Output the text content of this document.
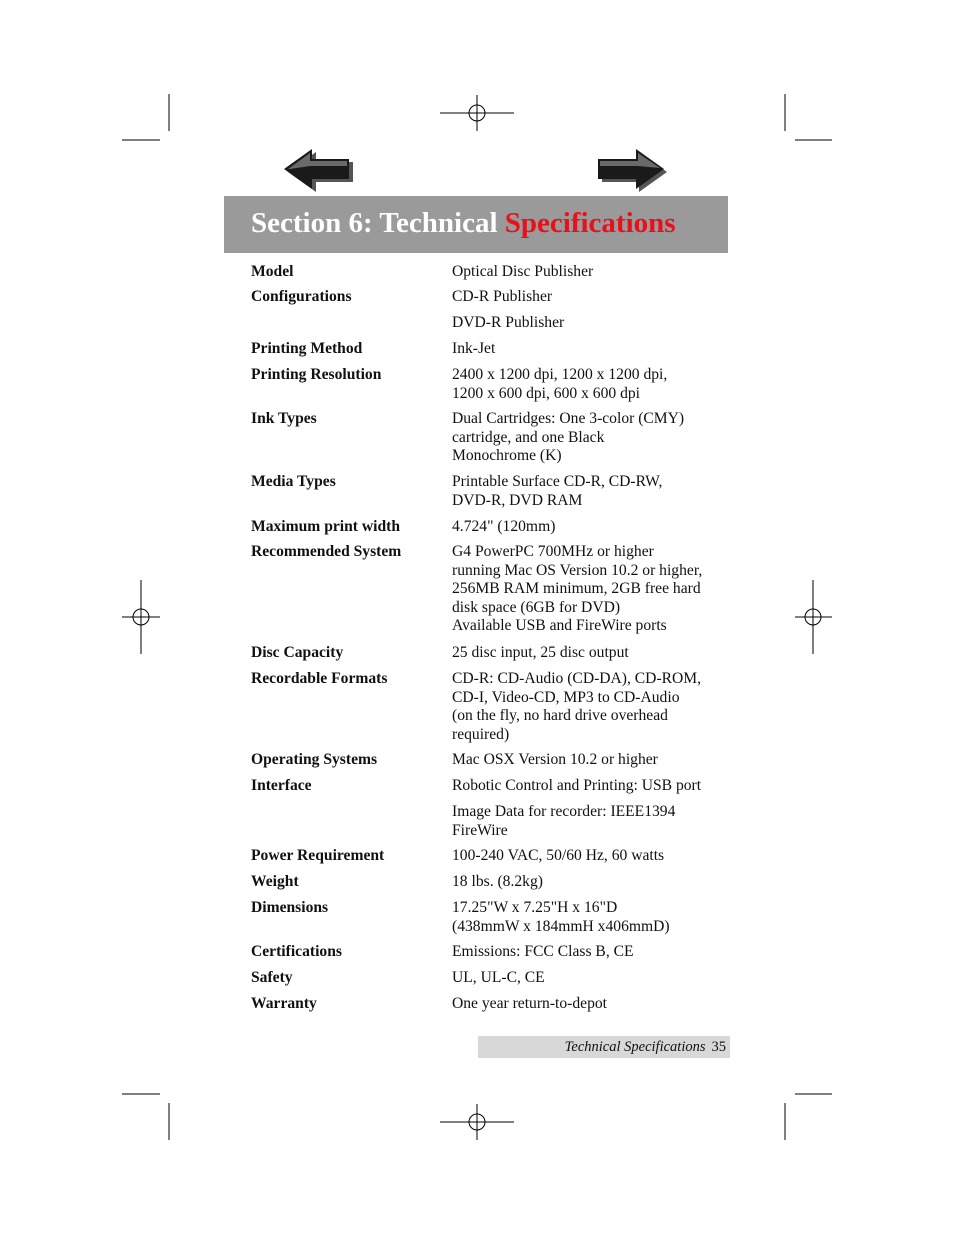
Section 6: Technical Specifications
Model	Optical Disc Publisher
Configurations	CD-R Publisher
DVD-R Publisher
Printing Method	Ink-Jet
Printing Resolution	2400 x 1200 dpi, 1200 x 1200 dpi,
1200 x 600 dpi, 600 x 600 dpi
Ink Types	Dual Cartridges: One 3-color (CMY)
cartridge, and one Black
Monochrome (K)
Media Types	Printable Surface CD-R, CD-RW,
DVD-R, DVD RAM
Maximum print width	4.724" (120mm)
Recommended System	G4 PowerPC 700MHz or higher
running Mac OS Version 10.2 or higher,
256MB RAM minimum, 2GB free hard
disk space (6GB for DVD)
Available USB and FireWire ports
Disc Capacity	25 disc input, 25 disc output
Recordable Formats	CD-R: CD-Audio (CD-DA), CD-ROM,
CD-I, Video-CD, MP3 to CD-Audio
(on the fly, no hard drive overhead
required)
Operating Systems	Mac OSX Version 10.2 or higher
Interface	Robotic Control and Printing: USB port
Image Data for recorder: IEEE1394
FireWire
Power Requirement	100-240 VAC, 50/60 Hz, 60 watts
Weight	18 lbs. (8.2kg)
Dimensions	17.25"W x 7.25"H x 16"D
(438mmW x 184mmH x406mmD)
Certifications	Emissions: FCC Class B, CE
Safety	UL, UL-C, CE
Warranty	One year return-to-depot
Technical Specifications 35
